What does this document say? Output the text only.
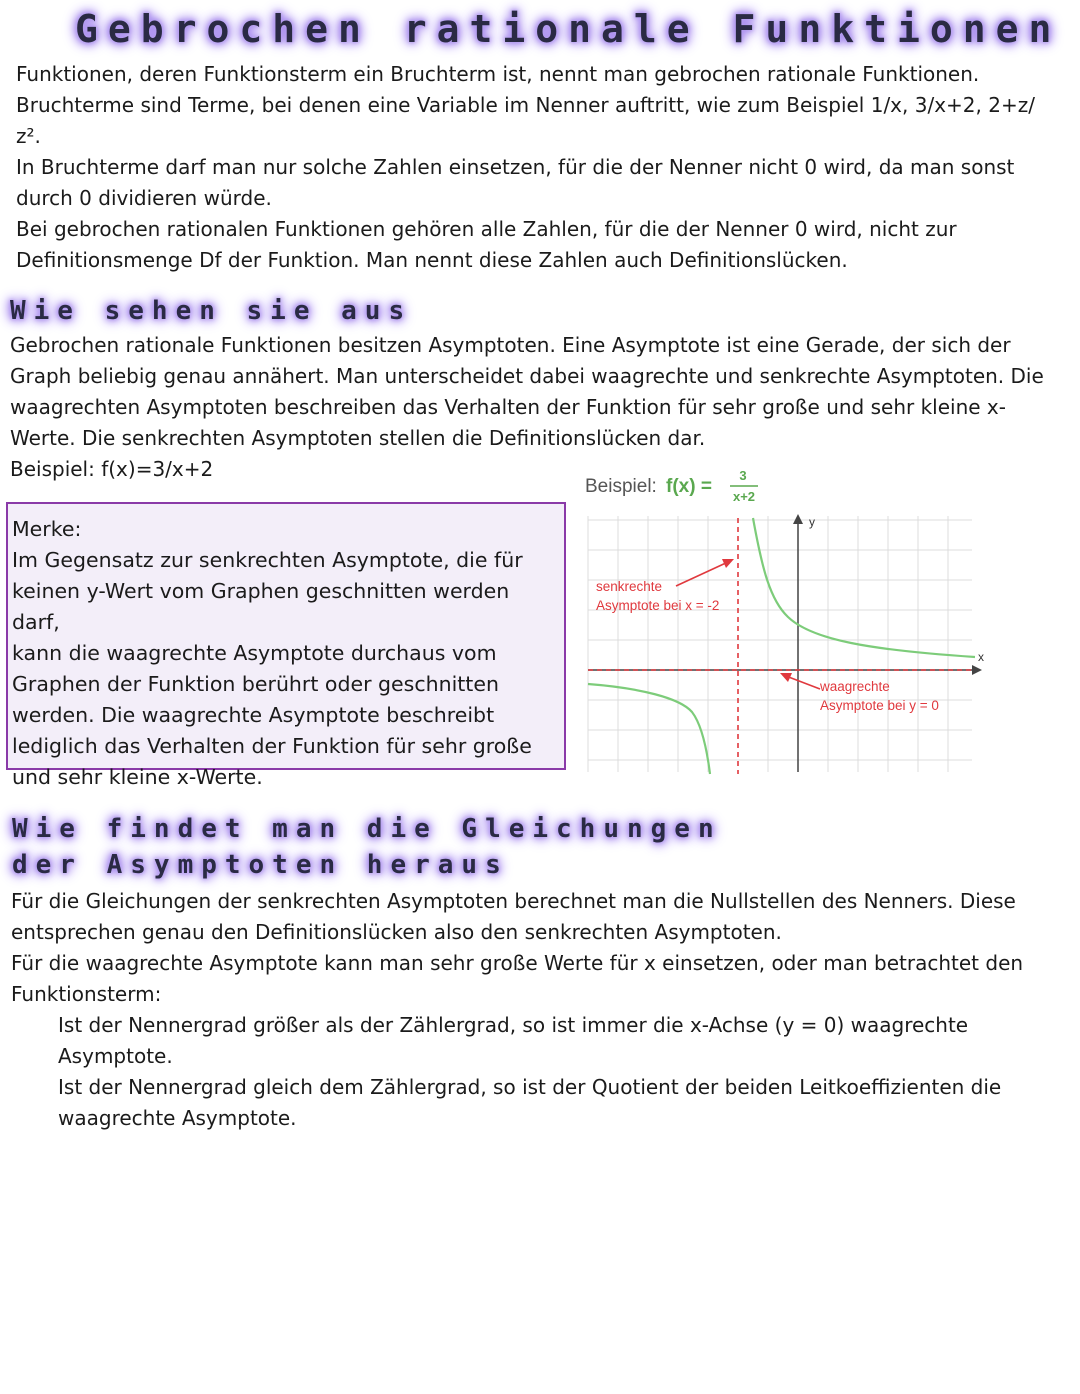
Gebrochen rationale Funktionen
Funktionen, deren Funktionsterm ein Bruchterm ist, nennt man gebrochen rationale Funktionen.
Bruchterme sind Terme, bei denen eine Variable im Nenner auftritt, wie zum Beispiel 1/x, 3/x+2, 2+z/
z².
In Bruchterme darf man nur solche Zahlen einsetzen, für die der Nenner nicht 0 wird, da man sonst
durch 0 dividieren würde.
Bei gebrochen rationalen Funktionen gehören alle Zahlen, für die der Nenner 0 wird, nicht zur
Definitionsmenge Df der Funktion. Man nennt diese Zahlen auch Definitionslücken.
Wie sehen sie aus
Gebrochen rationale Funktionen besitzen Asymptoten. Eine Asymptote ist eine Gerade, der sich der
Graph beliebig genau annähert. Man unterscheidet dabei waagrechte und senkrechte Asymptoten. Die
waagrechten Asymptoten beschreiben das Verhalten der Funktion für sehr große und sehr kleine x-
Werte. Die senkrechten Asymptoten stellen die Definitionslücken dar.
Beispiel: f(x)=3/x+2

Merke:

Im Gegensatz zur senkrechten Asymptote, die für

keinen y-Wert vom Graphen geschnitten werden darf,

kann die waagrechte Asymptote durchaus vom

Graphen der Funktion berührt oder geschnitten

werden. Die waagrechte Asymptote beschreibt

lediglich das Verhalten der Funktion für sehr große

und sehr kleine x-Werte.

Beispiel: f(x) =
3
x+2
x
y
senkrechte
Asymptote bei x = -2
waagrechte
Asymptote bei y = 0
Wie findet man die Gleichungen
der Asymptoten heraus
Für die Gleichungen der senkrechten Asymptoten berechnet man die Nullstellen des Nenners. Diese
entsprechen genau den Definitionslücken also den senkrechten Asymptoten.
Für die waagrechte Asymptote kann man sehr große Werte für x einsetzen, oder man betrachtet den
Funktionsterm:
Ist der Nennergrad größer als der Zählergrad, so ist immer die x-Achse (y = 0) waagrechte
Asymptote.
Ist der Nennergrad gleich dem Zählergrad, so ist der Quotient der beiden Leitkoeffizienten die
waagrechte Asymptote.
